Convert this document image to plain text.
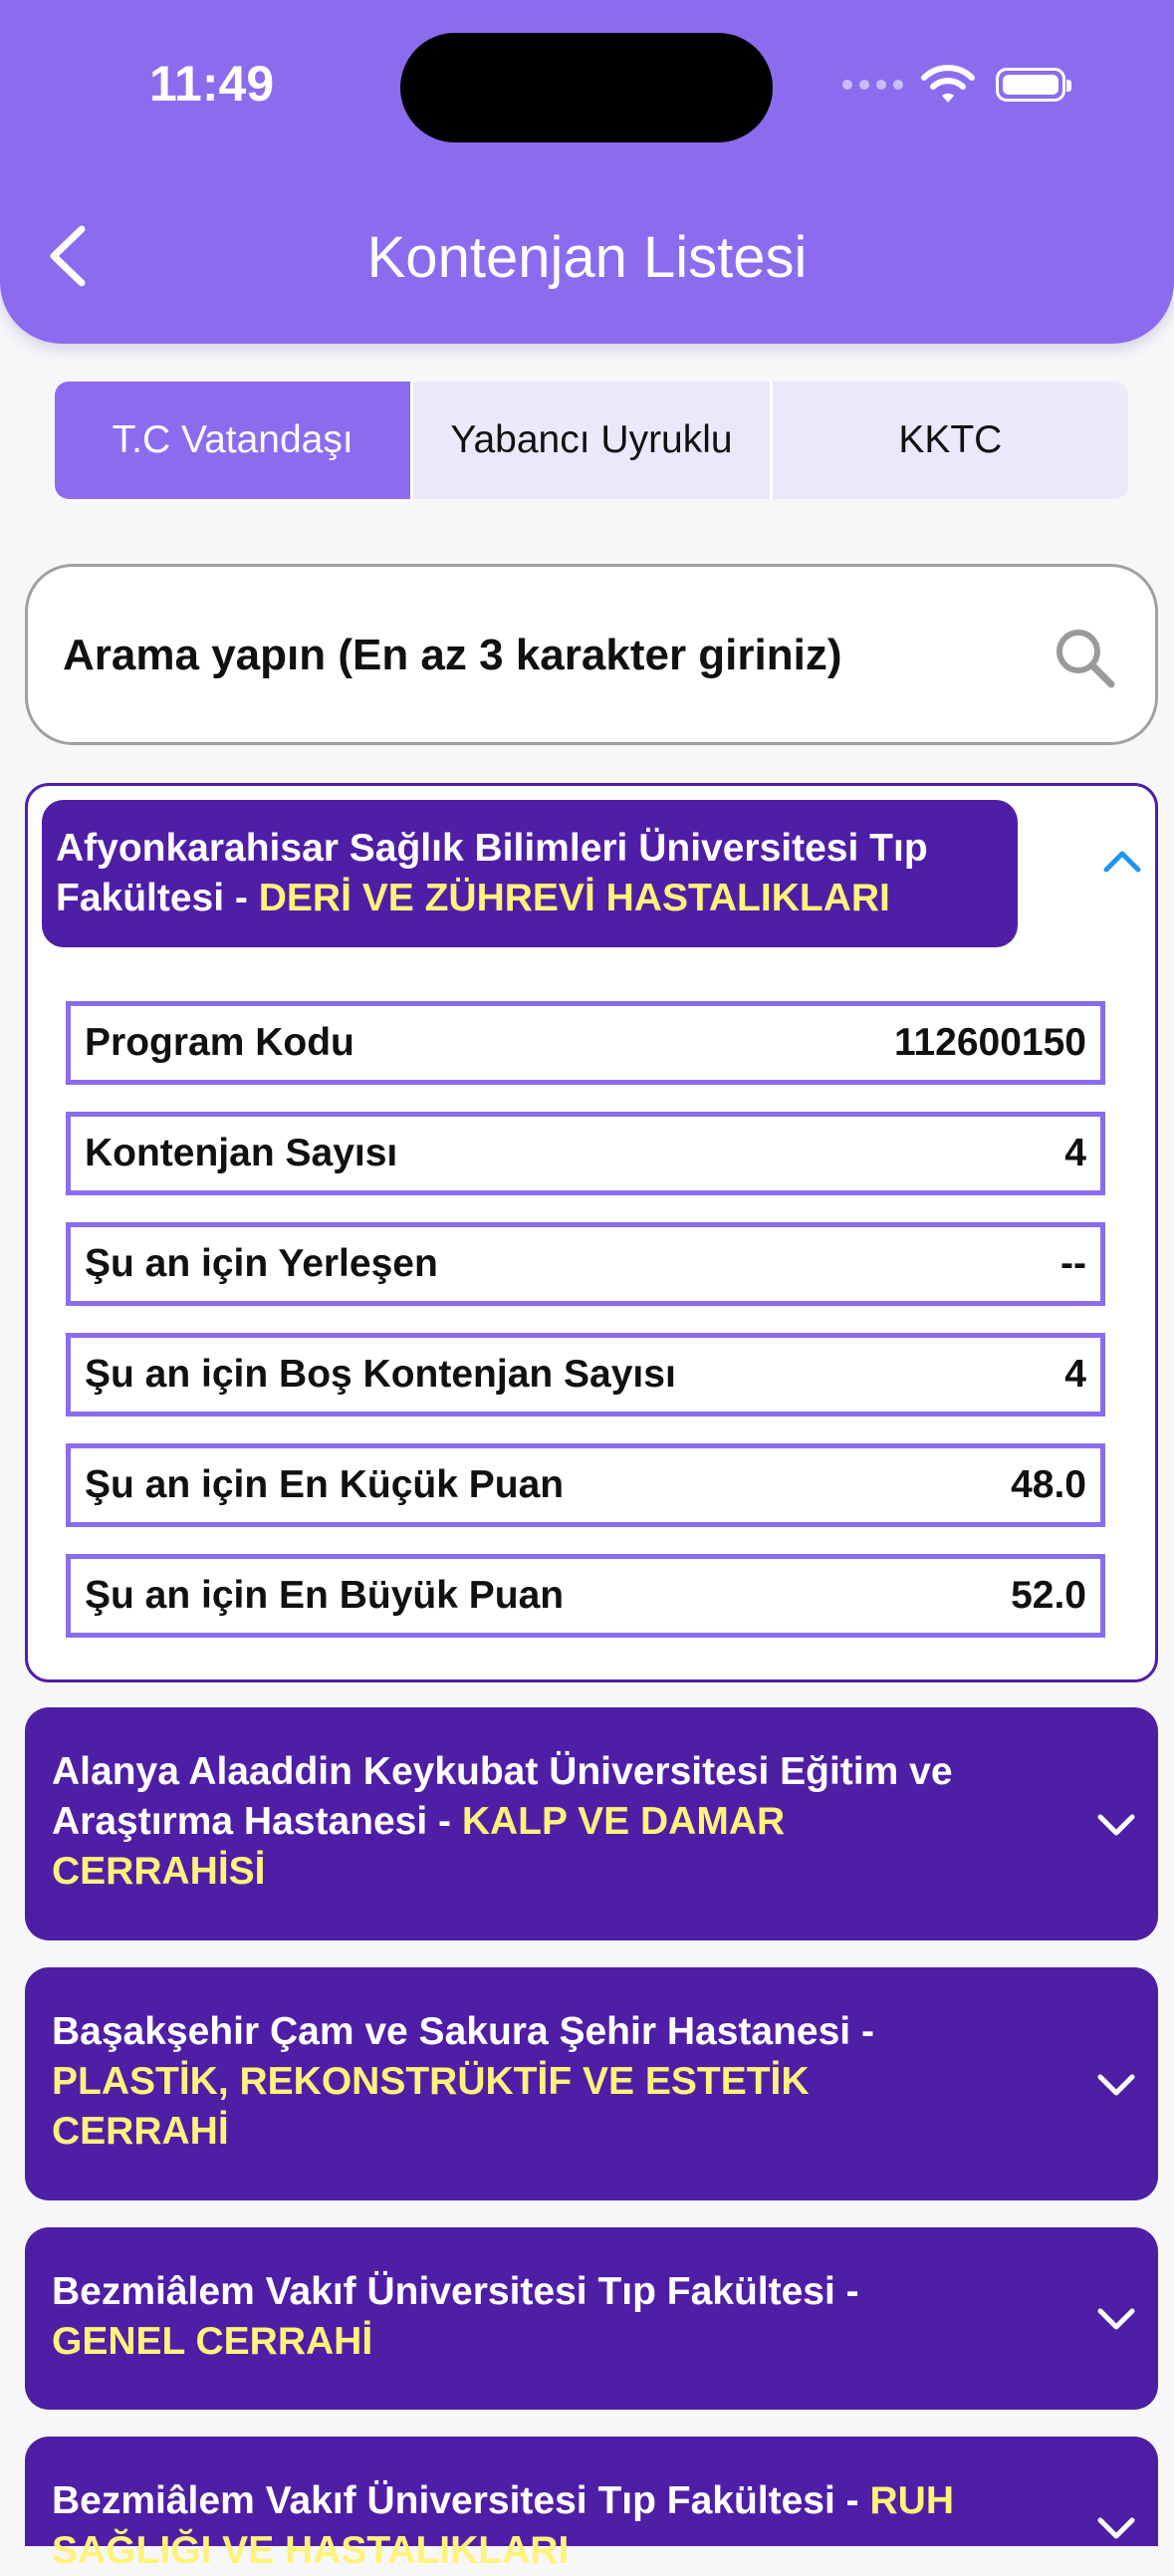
11:49
Kontenjan Listesi
T.C Vatandaşı	Yabancı Uyruklu	KKTC
Arama yapın (En az 3 karakter giriniz)
Afyonkarahisar Sağlık Bilimleri Üniversitesi Tıp Fakültesi - DERİ VE ZÜHREVİ HASTALIKLARI
Program Kodu	112600150
Kontenjan Sayısı	4
Şu an için Yerleşen	--
Şu an için Boş Kontenjan Sayısı	4
Şu an için En Küçük Puan	48.0
Şu an için En Büyük Puan	52.0
Alanya Alaaddin Keykubat Üniversitesi Eğitim ve Araştırma Hastanesi - KALP VE DAMAR CERRAHİSİ
Başakşehir Çam ve Sakura Şehir Hastanesi - PLASTİK, REKONSTRÜKTİF VE ESTETİK CERRAHİ
Bezmiâlem Vakıf Üniversitesi Tıp Fakültesi - GENEL CERRAHİ
Bezmiâlem Vakıf Üniversitesi Tıp Fakültesi - RUH SAĞLIĞI VE HASTALIKLARI
